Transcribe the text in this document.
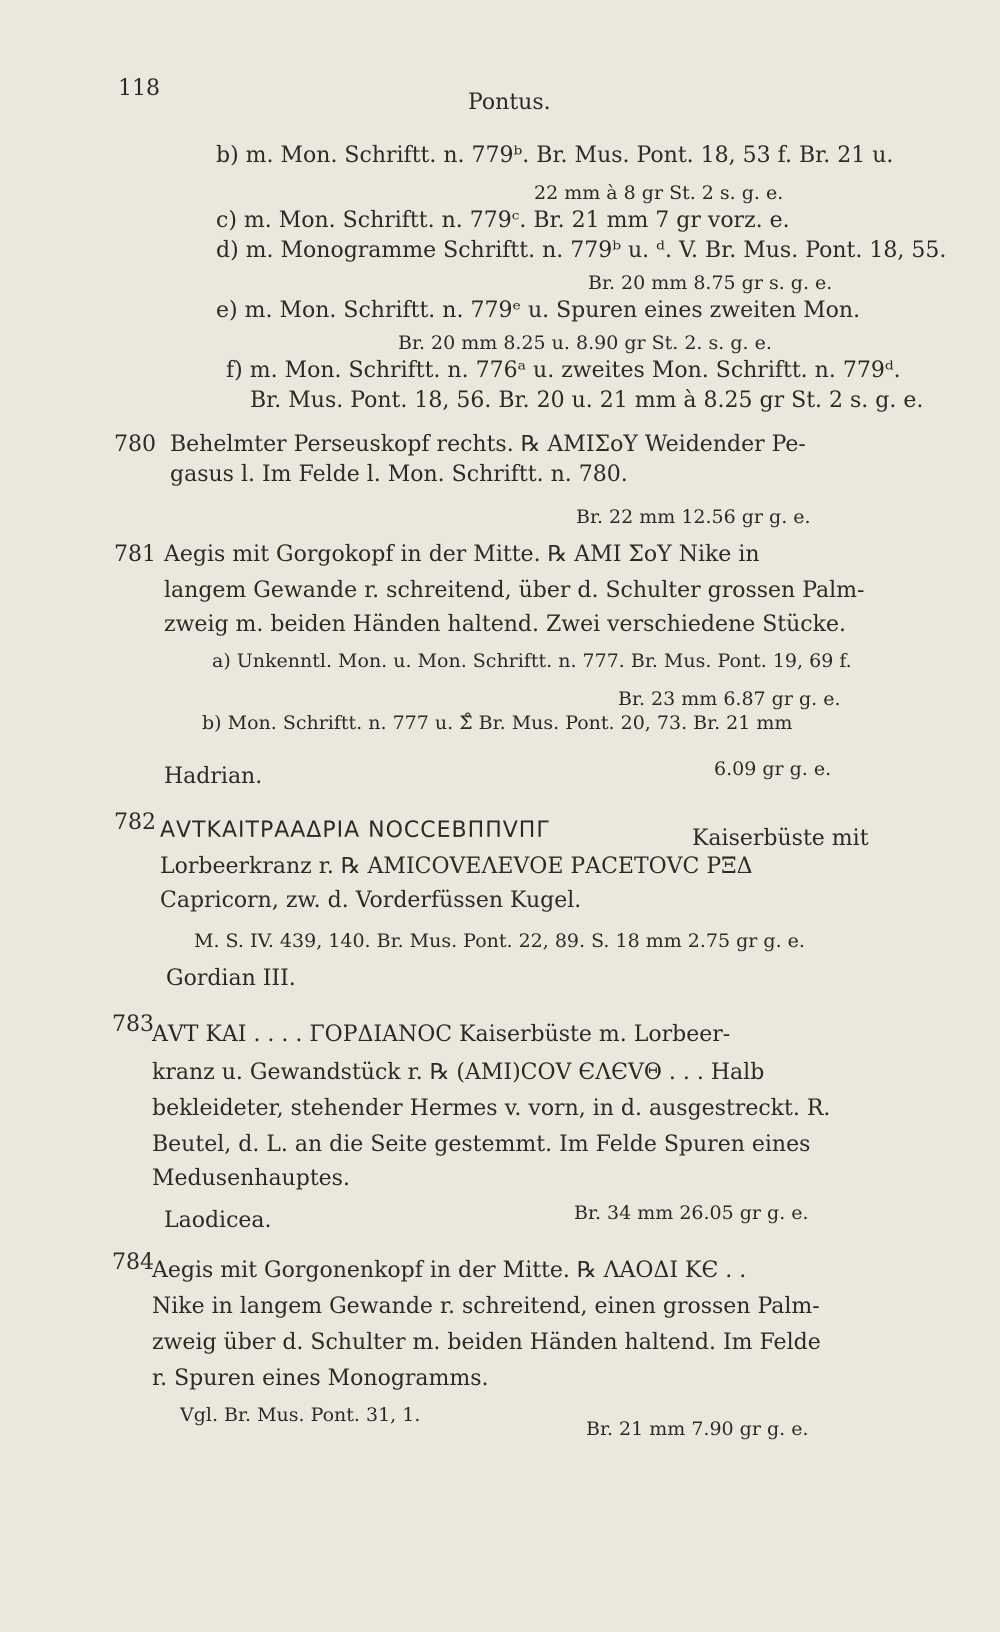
118
Pontus.
b) m. Mon. Schriftt. n. 779ᵇ. Br. Mus. Pont. 18, 53 f. Br. 21 u.
22 mm à 8 gr St. 2 s. g. e.
c) m. Mon. Schriftt. n. 779ᶜ. Br. 21 mm 7 gr vorz. e.
d) m. Monogramme Schriftt. n. 779ᵇ u. ᵈ. V. Br. Mus. Pont. 18, 55.
Br. 20 mm 8.75 gr s. g. e.
e) m. Mon. Schriftt. n. 779ᵉ u. Spuren eines zweiten Mon.
Br. 20 mm 8.25 u. 8.90 gr St. 2. s. g. e.
f) m. Mon. Schriftt. n. 776ᵃ u. zweites Mon. Schriftt. n. 779ᵈ.
Br. Mus. Pont. 18, 56. Br. 20 u. 21 mm à 8.25 gr St. 2 s. g. e.
780 Behelmter Perseuskopf rechts. ℞ ΑΜΙΣοΥ Weidender Pe-
gasus l. Im Felde l. Mon. Schriftt. n. 780.
Br. 22 mm 12.56 gr g. e.
781 Aegis mit Gorgokopf in der Mitte. ℞ ΑΜΙ ΣοΥ Nike in
langem Gewande r. schreitend, über d. Schulter grossen Palm-
zweig m. beiden Händen haltend. Zwei verschiedene Stücke.
a) Unkenntl. Mon. u. Mon. Schriftt. n. 777. Br. Mus. Pont. 19, 69 f.
Br. 23 mm 6.87 gr g. e.
b) Mon. Schriftt. n. 777 u. Σ̊ Br. Mus. Pont. 20, 73. Br. 21 mm
6.09 gr g. e.
Hadrian.
782 ΑVΤΚΑΙΤΡΑΑΔΡΙΑ ΝΟCCΕΒΠΠVΠΓ	Kaiserbüste mit
Lorbeerkranz r. ℞ ΑΜΙCΟVΕΛΕVΟΕ ΡΑCΕΤΟVC ΡΞΔ
Capricorn, zw. d. Vorderfüssen Kugel.
M. S. IV. 439, 140. Br. Mus. Pont. 22, 89. S. 18 mm 2.75 gr g. e.
Gordian III.
783
ΑVΤ ΚΑΙ . . . . ΓΟΡΔΙΑΝΟC Kaiserbüste m. Lorbeer-
kranz u. Gewandstück r. ℞ (ΑΜΙ)CΟV ЄΛЄVΘ . . . Halb
bekleideter, stehender Hermes v. vorn, in d. ausgestreckt. R.
Beutel, d. L. an die Seite gestemmt. Im Felde Spuren eines
Medusenhauptes.
Br. 34 mm 26.05 gr g. e.
Laodicea.
784
Aegis mit Gorgonenkopf in der Mitte. ℞ ΛΑΟΔΙ ΚЄ . .
Nike in langem Gewande r. schreitend, einen grossen Palm-
zweig über d. Schulter m. beiden Händen haltend. Im Felde
r. Spuren eines Monogramms.
Vgl. Br. Mus. Pont. 31, 1.
Br. 21 mm 7.90 gr g. e.
